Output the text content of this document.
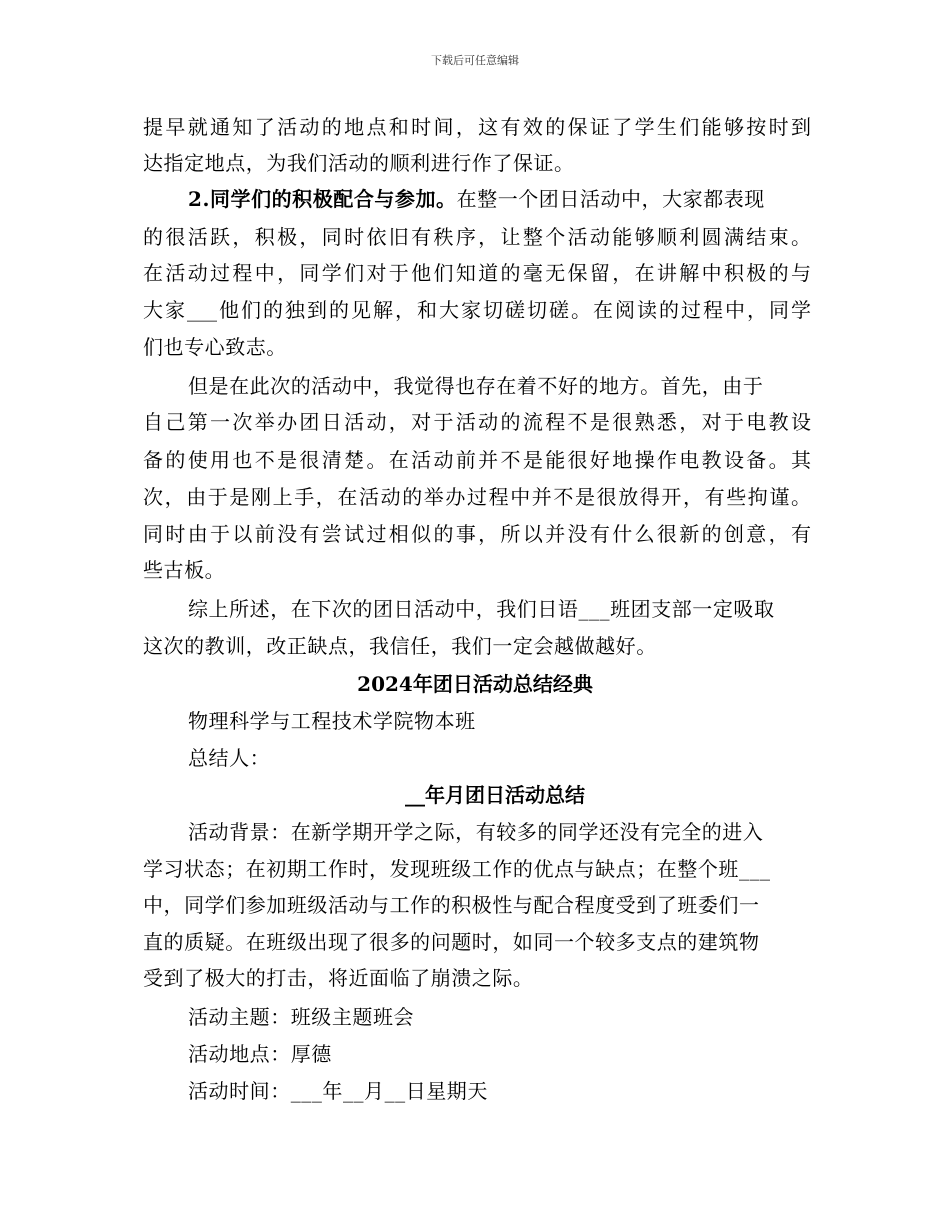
下载后可任意编辑
提早就通知了活动的地点和时间，这有效的保证了学生们能够按时到
达指定地点，为我们活动的顺利进行作了保证。
2.同学们的积极配合与参加。在整一个团日活动中，大家都表现
的很活跃，积极，同时依旧有秩序，让整个活动能够顺利圆满结束。
在活动过程中，同学们对于他们知道的毫无保留，在讲解中积极的与
大家___他们的独到的见解，和大家切磋切磋。在阅读的过程中，同学
们也专心致志。
但是在此次的活动中，我觉得也存在着不好的地方。首先，由于
自己第一次举办团日活动，对于活动的流程不是很熟悉，对于电教设
备的使用也不是很清楚。在活动前并不是能很好地操作电教设备。其
次，由于是刚上手，在活动的举办过程中并不是很放得开，有些拘谨。
同时由于以前没有尝试过相似的事，所以并没有什么很新的创意，有
些古板。
综上所述，在下次的团日活动中，我们日语___班团支部一定吸取
这次的教训，改正缺点，我信任，我们一定会越做越好。
2024年团日活动总结经典
物理科学与工程技术学院物本班
总结人：
__年月团日活动总结
活动背景：在新学期开学之际，有较多的同学还没有完全的进入
学习状态；在初期工作时，发现班级工作的优点与缺点；在整个班___
中，同学们参加班级活动与工作的积极性与配合程度受到了班委们一
直的质疑。在班级出现了很多的问题时，如同一个较多支点的建筑物
受到了极大的打击，将近面临了崩溃之际。
活动主题：班级主题班会
活动地点：厚德
活动时间：___年__月__日星期天
